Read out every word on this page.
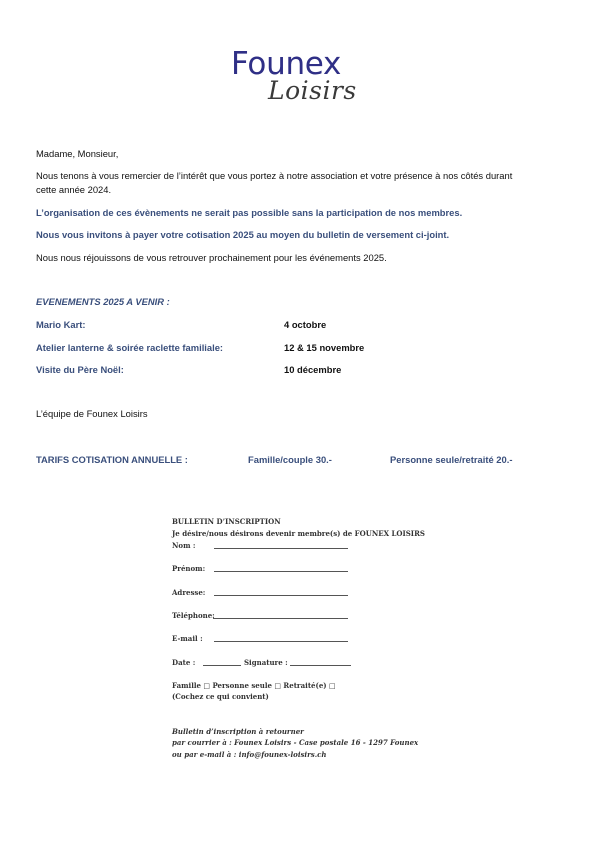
Founex
Loisirs
Madame, Monsieur,
Nous tenons à vous remercier de l’intérêt que vous portez à notre association et votre présence à nos côtés durant
cette année 2024.
L’organisation de ces évènements ne serait pas possible sans la participation de nos membres.
Nous vous invitons à payer votre cotisation 2025 au moyen du bulletin de versement ci-joint.
Nous nous réjouissons de vous retrouver prochainement pour les événements 2025.
EVENEMENTS 2025 A VENIR :
Mario Kart:	4 octobre
Atelier lanterne & soirée raclette familiale:	12 & 15 novembre
Visite du Père Noël:	10 décembre
L’équipe de Founex Loisirs
TARIFS COTISATION ANNUELLE :	Famille/couple 30.-	Personne seule/retraité 20.-
BULLETIN D’INSCRIPTION
Je désire/nous désirons devenir membre(s) de FOUNEX LOISIRS
Nom :
Prénom:
Adresse:
Téléphone:
E-mail :
Date :	Signature :
Famille □ Personne seule □ Retraité(e) □
(Cochez ce qui convient)
Bulletin d’inscription à retourner
par courrier à : Founex Loisirs - Case postale 16 - 1297 Founex
ou par e-mail à : info@founex-loisirs.ch
